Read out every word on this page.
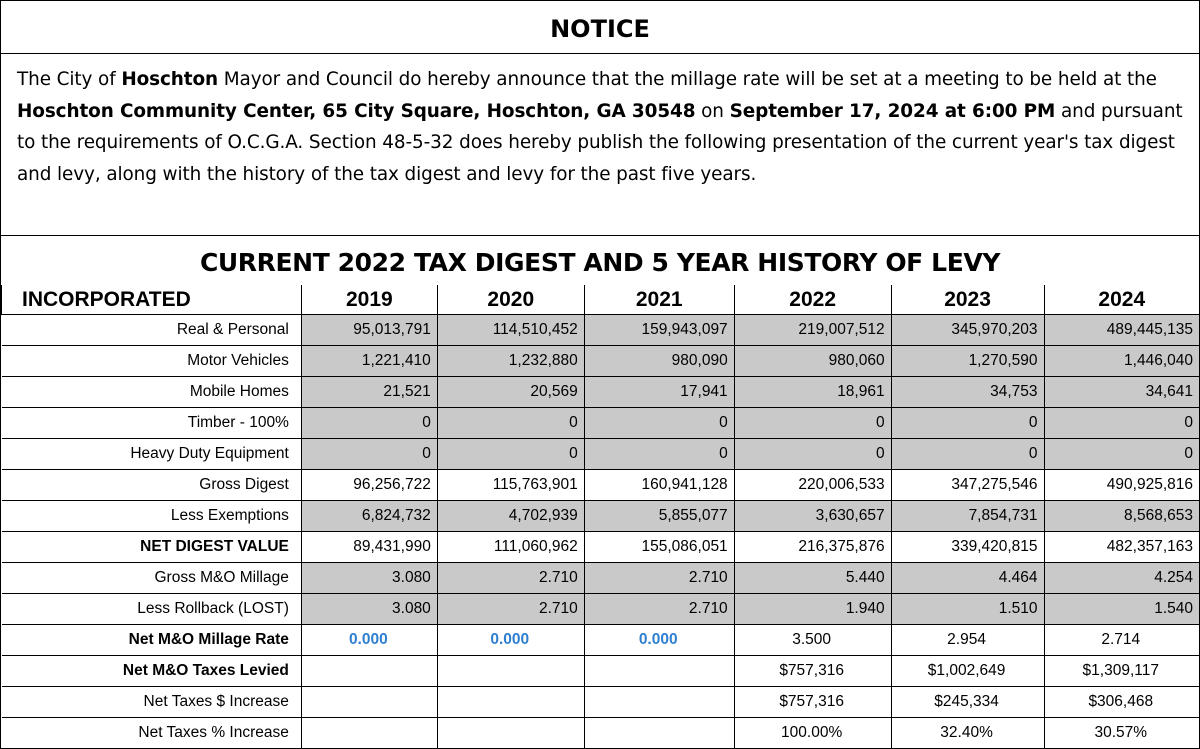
NOTICE
The City of Hoschton Mayor and Council do hereby announce that the millage rate will be set at a meeting to be held at the Hoschton Community Center, 65 City Square, Hoschton, GA 30548 on September 17, 2024 at 6:00 PM and pursuant to the requirements of O.C.G.A. Section 48-5-32 does hereby publish the following presentation of the current year's tax digest and levy, along with the history of the tax digest and levy for the past five years.
CURRENT 2022 TAX DIGEST AND 5 YEAR HISTORY OF LEVY
INCORPORATED	2019	2020	2021	2022	2023	2024
Real & Personal	95,013,791	114,510,452	159,943,097	219,007,512	345,970,203	489,445,135
Motor Vehicles	1,221,410	1,232,880	980,090	980,060	1,270,590	1,446,040
Mobile Homes	21,521	20,569	17,941	18,961	34,753	34,641
Timber - 100%	0	0	0	0	0	0
Heavy Duty Equipment	0	0	0	0	0	0
Gross Digest	96,256,722	115,763,901	160,941,128	220,006,533	347,275,546	490,925,816
Less Exemptions	6,824,732	4,702,939	5,855,077	3,630,657	7,854,731	8,568,653
NET DIGEST VALUE	89,431,990	111,060,962	155,086,051	216,375,876	339,420,815	482,357,163
Gross M&O Millage	3.080	2.710	2.710	5.440	4.464	4.254
Less Rollback (LOST)	3.080	2.710	2.710	1.940	1.510	1.540
Net M&O Millage Rate	0.000	0.000	0.000	3.500	2.954	2.714
Net M&O Taxes Levied				$757,316	$1,002,649	$1,309,117
Net Taxes $ Increase				$757,316	$245,334	$306,468
Net Taxes % Increase				100.00%	32.40%	30.57%
